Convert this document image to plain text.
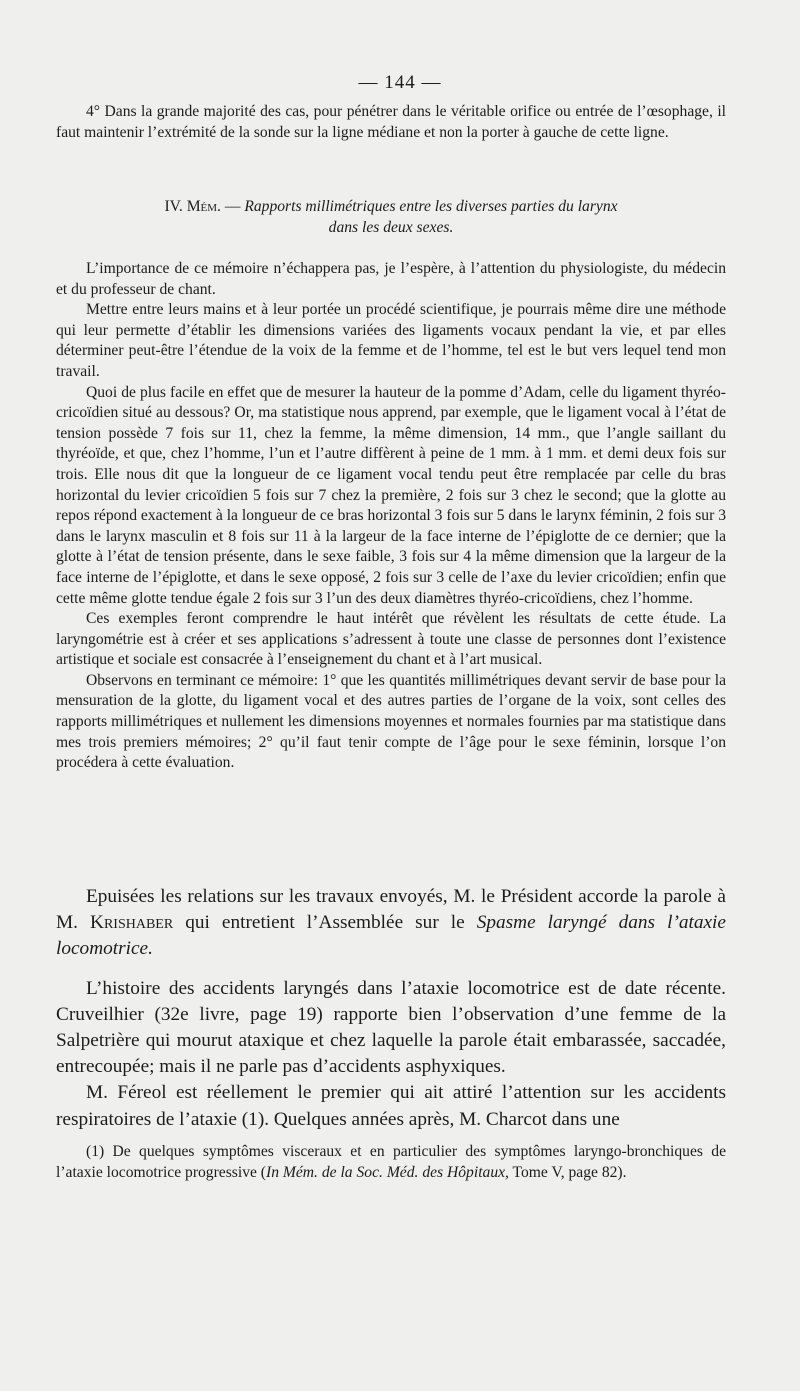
— 144 —

4° Dans la grande majorité des cas, pour pénétrer dans le véritable orifice ou entrée de l’œsophage, il faut maintenir l’extrémité de la sonde sur la ligne médiane et non la porter à gauche de cette ligne.

IV. Mém. — Rapports millimétriques entre les diverses parties du larynx
dans les deux sexes.

L’importance de ce mémoire n’échappera pas, je l’espère, à l’attention du physiologiste, du médecin et du professeur de chant.

Mettre entre leurs mains et à leur portée un procédé scientifique, je pourrais même dire une méthode qui leur permette d’établir les dimensions variées des ligaments vocaux pendant la vie, et par elles déterminer peut-être l’étendue de la voix de la femme et de l’homme, tel est le but vers lequel tend mon travail.

Quoi de plus facile en effet que de mesurer la hauteur de la pomme d’Adam, celle du ligament thyréo-cricoïdien situé au dessous? Or, ma statistique nous apprend, par exemple, que le ligament vocal à l’état de tension possède 7 fois sur 11, chez la femme, la même dimension, 14 mm., que l’angle saillant du thyréoïde, et que, chez l’homme, l’un et l’autre diffèrent à peine de 1 mm. à 1 mm. et demi deux fois sur trois. Elle nous dit que la longueur de ce ligament vocal tendu peut être remplacée par celle du bras horizontal du levier cricoïdien 5 fois sur 7 chez la première, 2 fois sur 3 chez le second; que la glotte au repos répond exactement à la longueur de ce bras horizontal 3 fois sur 5 dans le larynx féminin, 2 fois sur 3 dans le larynx masculin et 8 fois sur 11 à la largeur de la face interne de l’épiglotte de ce dernier; que la glotte à l’état de tension présente, dans le sexe faible, 3 fois sur 4 la même dimension que la largeur de la face interne de l’épiglotte, et dans le sexe opposé, 2 fois sur 3 celle de l’axe du levier cricoïdien; enfin que cette même glotte tendue égale 2 fois sur 3 l’un des deux diamètres thyréo-cricoïdiens, chez l’homme.

Ces exemples feront comprendre le haut intérêt que révèlent les résultats de cette étude. La laryngométrie est à créer et ses applications s’adressent à toute une classe de personnes dont l’existence artistique et sociale est consacrée à l’enseignement du chant et à l’art musical.

Observons en terminant ce mémoire: 1° que les quantités millimétriques devant servir de base pour la mensuration de la glotte, du ligament vocal et des autres parties de l’organe de la voix, sont celles des rapports millimétriques et nullement les dimensions moyennes et normales fournies par ma statistique dans mes trois premiers mémoires; 2° qu’il faut tenir compte de l’âge pour le sexe féminin, lorsque l’on procédera à cette évaluation.

Epuisées les relations sur les travaux envoyés, M. le Président accorde la parole à M. Krishaber qui entretient l’Assemblée sur le Spasme laryngé dans l’ataxie locomotrice.

L’histoire des accidents laryngés dans l’ataxie locomotrice est de date récente. Cruveilhier (32e livre, page 19) rapporte bien l’observation d’une femme de la Salpetrière qui mourut ataxique et chez laquelle la parole était embarassée, saccadée, entrecoupée; mais il ne parle pas d’accidents asphyxiques.

M. Féreol est réellement le premier qui ait attiré l’attention sur les accidents respiratoires de l’ataxie (1). Quelques années après, M. Charcot dans une

(1) De quelques symptômes visceraux et en particulier des symptômes laryngo-bronchiques de l’ataxie locomotrice progressive (In Mém. de la Soc. Méd. des Hôpitaux, Tome V, page 82).
